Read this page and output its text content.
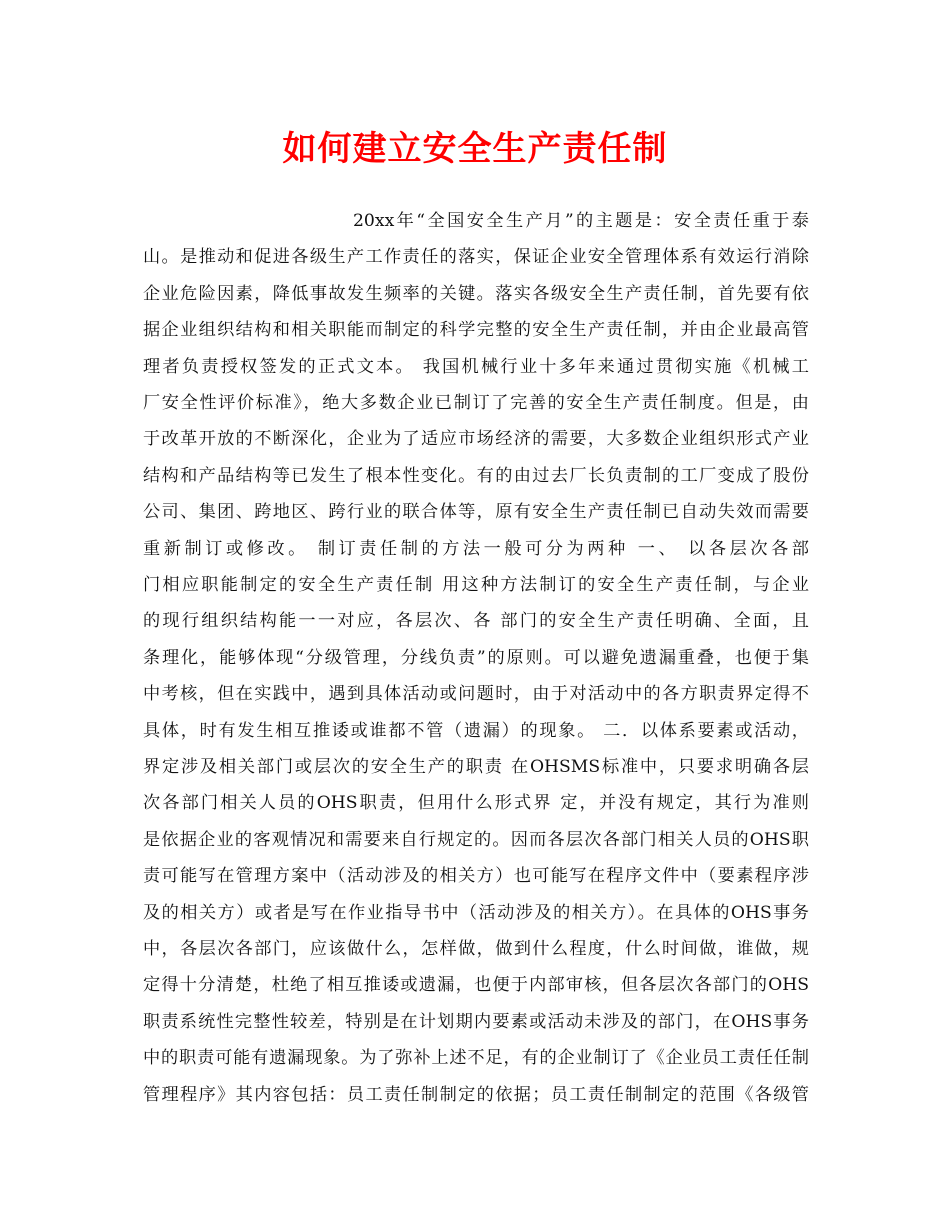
如何建立安全生产责任制
20xx年“全国安全生产月”的主题是：安全责任重于泰
山。是推动和促进各级生产工作责任的落实，保证企业安全管理体系有效运行消除
企业危险因素，降低事故发生频率的关键。落实各级安全生产责任制，首先要有依
据企业组织结构和相关职能而制定的科学完整的安全生产责任制，并由企业最高管
理者负责授权签发的正式文本。 我国机械行业十多年来通过贯彻实施《机械工
厂安全性评价标准》，绝大多数企业已制订了完善的安全生产责任制度。但是，由
于改革开放的不断深化，企业为了适应市场经济的需要，大多数企业组织形式产业
结构和产品结构等已发生了根本性变化。有的由过去厂长负责制的工厂变成了股份
公司、集团、跨地区、跨行业的联合体等，原有安全生产责任制已自动失效而需要
重新制订或修改。 制订责任制的方法一般可分为两种 一、 以各层次各部
门相应职能制定的安全生产责任制 用这种方法制订的安全生产责任制，与企业
的现行组织结构能一一对应，各层次、各 部门的安全生产责任明确、全面，且
条理化，能够体现“分级管理，分线负责”的原则。可以避免遗漏重叠，也便于集
中考核，但在实践中，遇到具体活动或问题时，由于对活动中的各方职责界定得不
具体，时有发生相互推诿或谁都不管（遗漏）的现象。 二．以体系要素或活动，
界定涉及相关部门或层次的安全生产的职责 在OHSMS标准中，只要求明确各层
次各部门相关人员的OHS职责，但用什么形式界 定，并没有规定，其行为准则
是依据企业的客观情况和需要来自行规定的。因而各层次各部门相关人员的OHS职
责可能写在管理方案中（活动涉及的相关方）也可能写在程序文件中（要素程序涉
及的相关方）或者是写在作业指导书中（活动涉及的相关方）。在具体的OHS事务
中，各层次各部门，应该做什么，怎样做，做到什么程度，什么时间做，谁做，规
定得十分清楚，杜绝了相互推诿或遗漏，也便于内部审核，但各层次各部门的OHS
职责系统性完整性较差，特别是在计划期内要素或活动未涉及的部门，在OHS事务
中的职责可能有遗漏现象。为了弥补上述不足，有的企业制订了《企业员工责任任制
管理程序》其内容包括：员工责任制制定的依据；员工责任制制定的范围《各级管
